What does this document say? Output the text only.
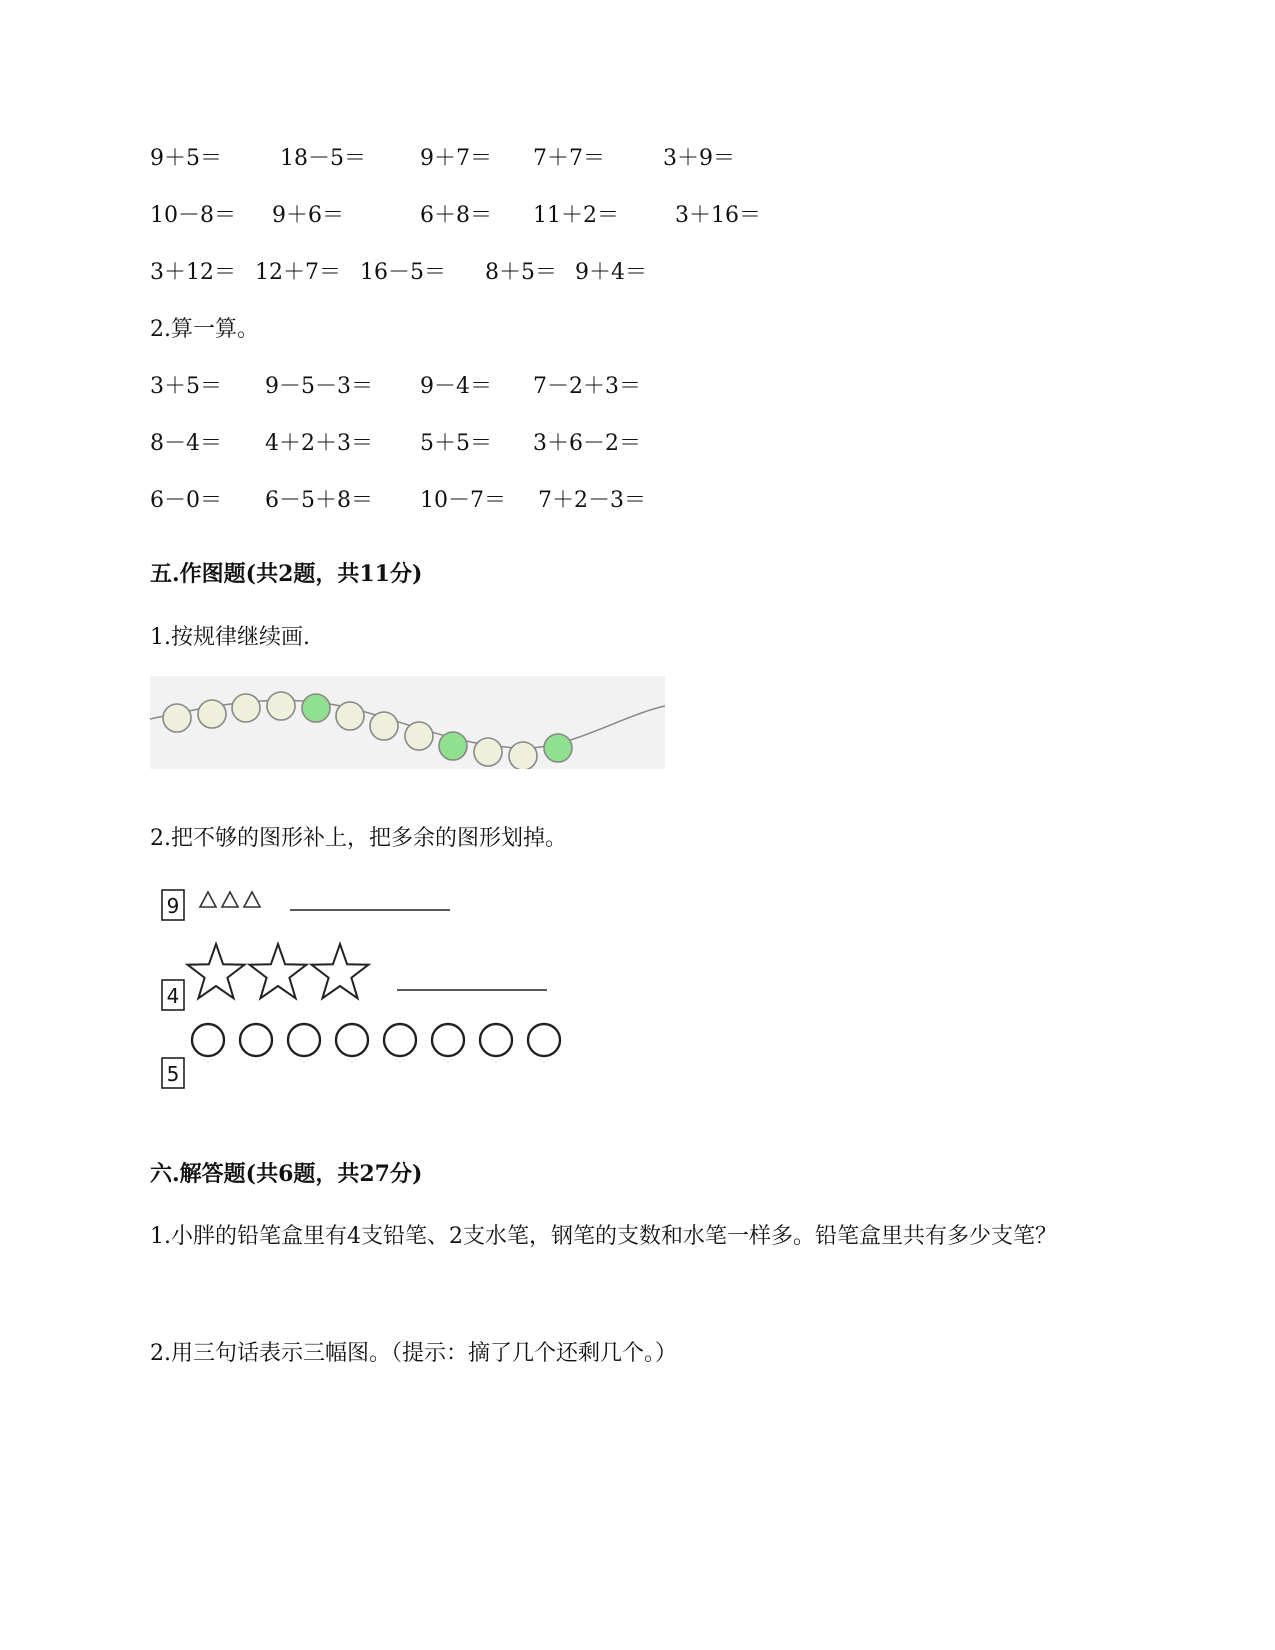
9＋5＝	18－5＝ 9＋7＝ 7＋7＝	3＋9＝
10－8＝ 9＋6＝	6＋8＝ 11＋2＝	3＋16＝
3＋12＝ 12＋7＝ 16－5＝ 8＋5＝ 9＋4＝
2.算一算。
3＋5＝ 9－5－3＝ 9－4＝ 7－2＋3＝
8－4＝ 4＋2＋3＝ 5＋5＝ 3＋6－2＝
6－0＝ 6－5＋8＝ 10－7＝ 7＋2－3＝
五.作图题(共2题，共11分)
1.按规律继续画.
2.把不够的图形补上，把多余的图形划掉。
9
4
5
六.解答题(共6题，共27分)
1.小胖的铅笔盒里有4支铅笔、2支水笔，钢笔的支数和水笔一样多。铅笔盒里共有多少支笔？
2.用三句话表示三幅图。（提示：摘了几个还剩几个。）
